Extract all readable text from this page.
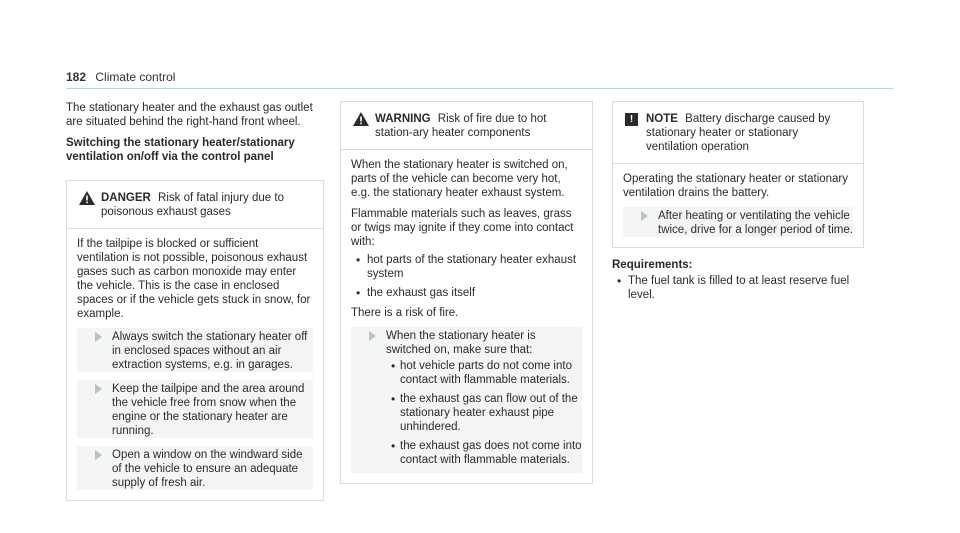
182 Climate control

The stationary heater and the exhaust gas outlet are situated behind the right-hand front wheel.

Switching the stationary heater/stationary ventilation on/off via the control panel

DANGER Risk of fatal injury due to poisonous exhaust gases

If the tailpipe is blocked or sufficient ventilation is not possible, poisonous exhaust gases such as carbon monoxide may enter the vehicle. This is the case in enclosed spaces or if the vehicle gets stuck in snow, for example.

Always switch the stationary heater off in enclosed spaces without an air extraction systems, e.g. in garages.
Keep the tailpipe and the area around the vehicle free from snow when the engine or the stationary heater are running.
Open a window on the windward side of the vehicle to ensure an adequate supply of fresh air.
WARNING Risk of fire due to hot station-ary heater components

When the stationary heater is switched on, parts of the vehicle can become very hot, e.g. the stationary heater exhaust system.

Flammable materials such as leaves, grass or twigs may ignite if they come into contact with:

• hot parts of the stationary heater exhaust system
• the exhaust gas itself

There is a risk of fire.

When the stationary heater is switched on, make sure that:
• hot vehicle parts do not come into contact with flammable materials.
• the exhaust gas can flow out of the stationary heater exhaust pipe unhindered.
• the exhaust gas does not come into contact with flammable materials.
!	NOTE Battery discharge caused by stationary heater or stationary ventilation operation

Operating the stationary heater or stationary ventilation drains the battery.

After heating or ventilating the vehicle twice, drive for a longer period of time.
Requirements:
• The fuel tank is filled to at least reserve fuel level.
